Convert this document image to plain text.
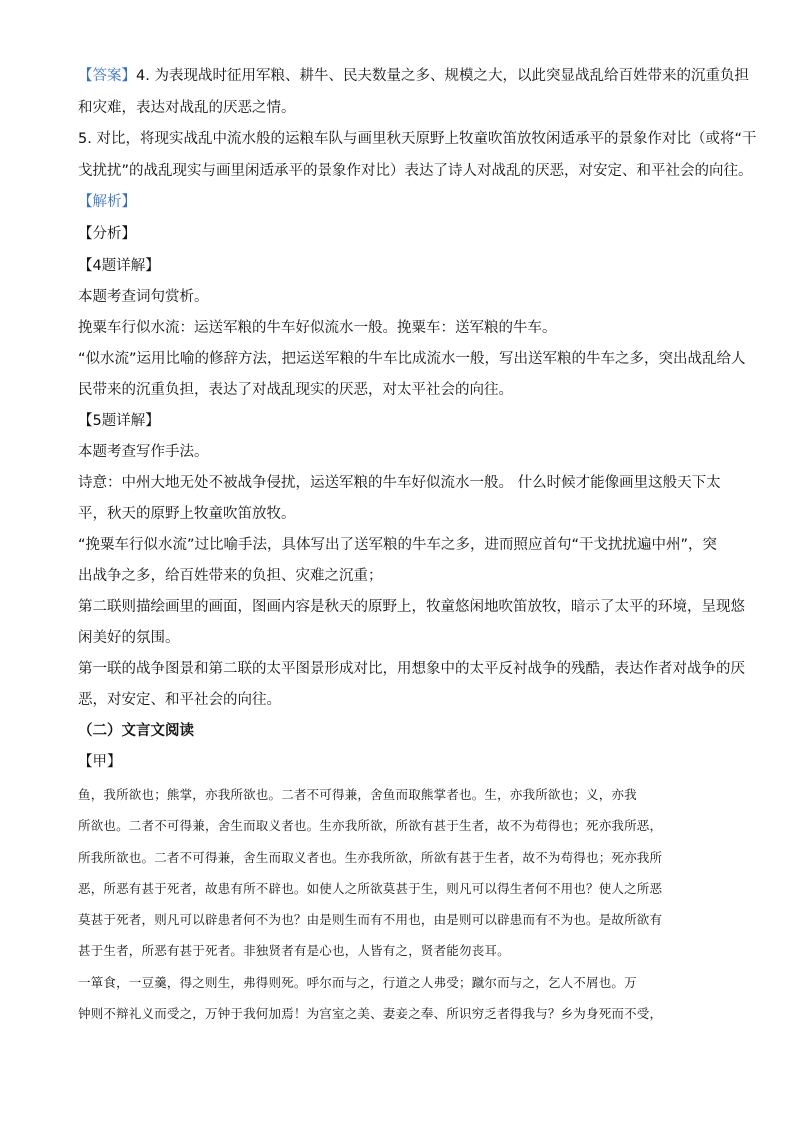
【答案】4. 为表现战时征用军粮、耕牛、民夫数量之多、规模之大，以此突显战乱给百姓带来的沉重负担
和灾难，表达对战乱的厌恶之情。
5. 对比，将现实战乱中流水般的运粮车队与画里秋天原野上牧童吹笛放牧闲适承平的景象作对比（或将“干
戈扰扰”的战乱现实与画里闲适承平的景象作对比）表达了诗人对战乱的厌恶，对安定、和平社会的向往。
【解析】
【分析】
【4题详解】
本题考查词句赏析。
挽粟车行似水流：运送军粮的牛车好似流水一般。挽粟车：送军粮的牛车。
“似水流”运用比喻的修辞方法，把运送军粮的牛车比成流水一般，写出送军粮的牛车之多，突出战乱给人
民带来的沉重负担，表达了对战乱现实的厌恶，对太平社会的向往。
【5题详解】
本题考查写作手法。
诗意：中州大地无处不被战争侵扰，运送军粮的牛车好似流水一般。 什么时候才能像画里这般天下太
平，秋天的原野上牧童吹笛放牧。
“挽粟车行似水流”过比喻手法，具体写出了送军粮的牛车之多，进而照应首句“干戈扰扰遍中州”，突
出战争之多，给百姓带来的负担、灾难之沉重；
第二联则描绘画里的画面，图画内容是秋天的原野上，牧童悠闲地吹笛放牧，暗示了太平的环境，呈现悠
闲美好的氛围。
第一联的战争图景和第二联的太平图景形成对比，用想象中的太平反衬战争的残酷，表达作者对战争的厌
恶，对安定、和平社会的向往。
（二）文言文阅读
【甲】
鱼，我所欲也；熊掌，亦我所欲也。二者不可得兼，舍鱼而取熊掌者也。生，亦我所欲也；义，亦我
所欲也。二者不可得兼，舍生而取义者也。生亦我所欲，所欲有甚于生者，故不为苟得也；死亦我所恶，
所我所欲也。二者不可得兼，舍生而取义者也。生亦我所欲，所欲有甚于生者，故不为苟得也；死亦我所
恶，所恶有甚于死者，故患有所不辟也。如使人之所欲莫甚于生，则凡可以得生者何不用也？使人之所恶
莫甚于死者，则凡可以辟患者何不为也？由是则生而有不用也，由是则可以辟患而有不为也。是故所欲有
甚于生者，所恶有甚于死者。非独贤者有是心也，人皆有之，贤者能勿丧耳。
一箪食，一豆羹，得之则生，弗得则死。呼尔而与之，行道之人弗受；蹴尔而与之，乞人不屑也。万
钟则不辩礼义而受之，万钟于我何加焉！为宫室之美、妻妾之奉、所识穷乏者得我与？乡为身死而不受，
